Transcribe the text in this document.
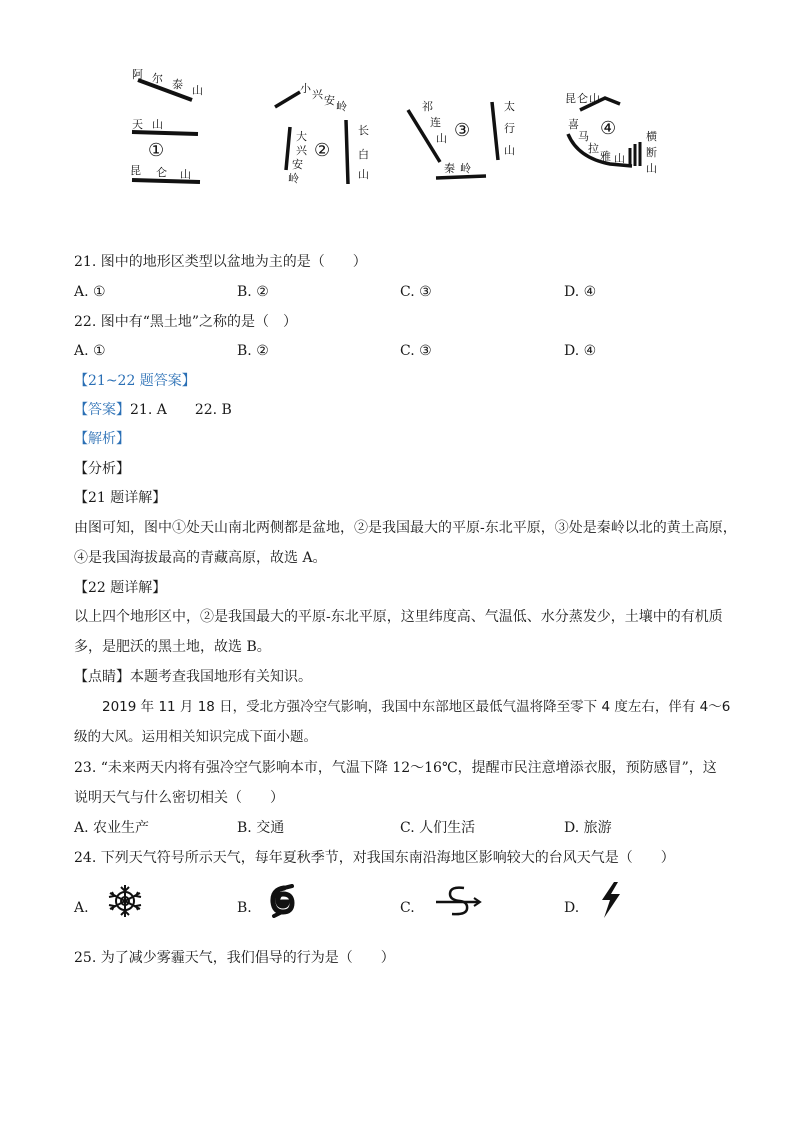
阿 尔 泰 山
天 山
①
昆 仑 山
小 兴 安 岭
大
兴
安
岭
②
长
白
山
祁
连
山 ③
太
行
山
秦 岭
昆 仑 山
喜
马
拉
雅 山
④	横
断
山
21. 图中的地形区类型以盆地为主的是（　　）
A. ①	B. ②	C. ③	D. ④
22. 图中有“黑土地”之称的是（　）
A. ①	B. ②	C. ③	D. ④
【21~22 题答案】
【答案】21. A　　22. B
【解析】
【分析】
【21 题详解】
由图可知，图中①处天山南北两侧都是盆地，②是我国最大的平原-东北平原，③处是秦岭以北的黄土高原，
④是我国海拔最高的青藏高原，故选 A。
【22 题详解】
以上四个地形区中，②是我国最大的平原-东北平原，这里纬度高、气温低、水分蒸发少，土壤中的有机质
多，是肥沃的黑土地，故选 B。
【点睛】本题考查我国地形有关知识。
2019 年 11 月 18 日，受北方强冷空气影响，我国中东部地区最低气温将降至零下 4 度左右，伴有 4～6
级的大风。运用相关知识完成下面小题。
23. “未来两天内将有强冷空气影响本市，气温下降 12～16℃，提醒市民注意增添衣服，预防感冒”，这
说明天气与什么密切相关（　　）
A. 农业生产	B. 交通	C. 人们生活	D. 旅游
24. 下列天气符号所示天气，每年夏秋季节，对我国东南沿海地区影响较大的台风天气是（　　）
A.	B.	C.	D.
25. 为了减少雾霾天气，我们倡导的行为是（　　）
